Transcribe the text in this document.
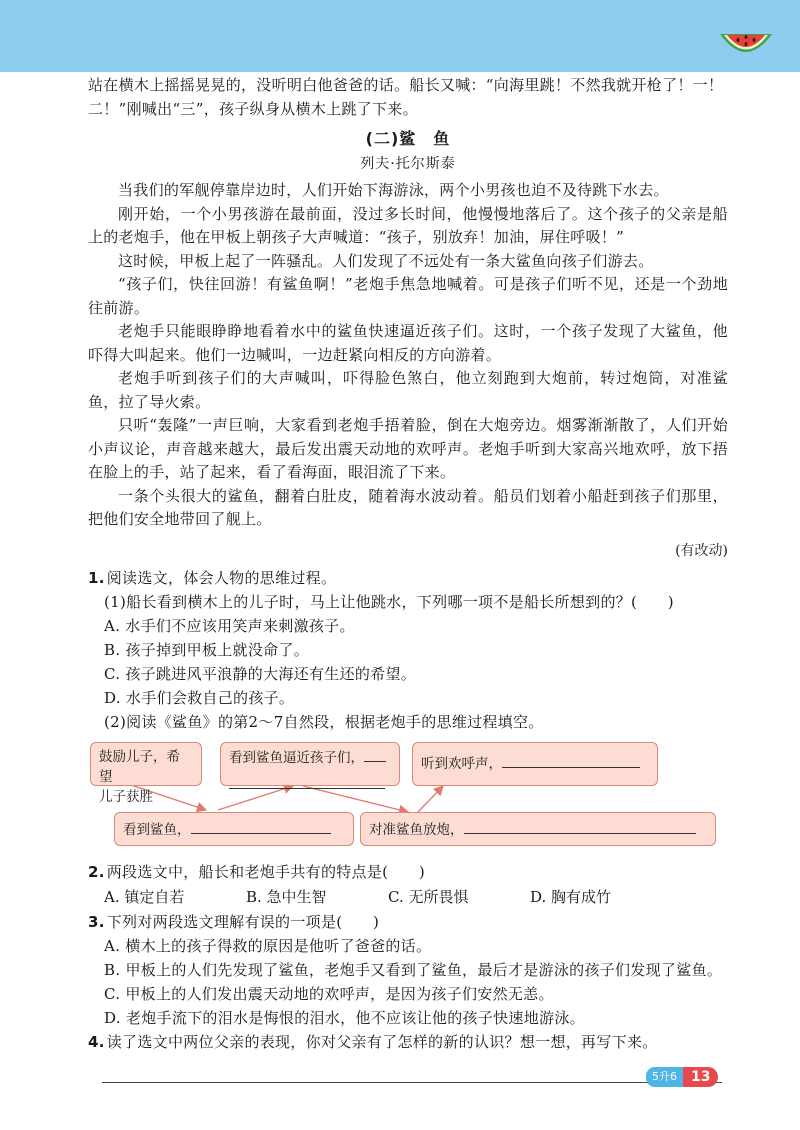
站在横木上摇摇晃晃的，没听明白他爸爸的话。船长又喊：“向海里跳！不然我就开枪了！一！

二！”刚喊出“三”，孩子纵身从横木上跳了下来。

(二)鲨　鱼

列夫·托尔斯泰

当我们的军舰停靠岸边时，人们开始下海游泳，两个小男孩也迫不及待跳下水去。

刚开始，一个小男孩游在最前面，没过多长时间，他慢慢地落后了。这个孩子的父亲是船上的老炮手，他在甲板上朝孩子大声喊道：“孩子，别放弃！加油，屏住呼吸！”

这时候，甲板上起了一阵骚乱。人们发现了不远处有一条大鲨鱼向孩子们游去。

“孩子们，快往回游！有鲨鱼啊！”老炮手焦急地喊着。可是孩子们听不见，还是一个劲地往前游。

老炮手只能眼睁睁地看着水中的鲨鱼快速逼近孩子们。这时，一个孩子发现了大鲨鱼，他吓得大叫起来。他们一边喊叫，一边赶紧向相反的方向游着。

老炮手听到孩子们的大声喊叫，吓得脸色煞白，他立刻跑到大炮前，转过炮筒，对准鲨鱼，拉了导火索。

只听“轰隆”一声巨响，大家看到老炮手捂着脸，倒在大炮旁边。烟雾渐渐散了，人们开始小声议论，声音越来越大，最后发出震天动地的欢呼声。老炮手听到大家高兴地欢呼，放下捂在脸上的手，站了起来，看了看海面，眼泪流了下来。

一条个头很大的鲨鱼，翻着白肚皮，随着海水波动着。船员们划着小船赶到孩子们那里，把他们安全地带回了舰上。

(有改动)

1. 阅读选文，体会人物的思维过程。

(1)船长看到横木上的儿子时，马上让他跳水，下列哪一项不是船长所想到的？(　　)

A. 水手们不应该用笑声来刺激孩子。

B. 孩子掉到甲板上就没命了。

C. 孩子跳进风平浪静的大海还有生还的希望。

D. 水手们会救自己的孩子。

(2)阅读《鲨鱼》的第2～7自然段，根据老炮手的思维过程填空。

鼓励儿子，希望
儿子获胜
看到鲨鱼逼近孩子们，	听到欢呼声，
看到鲨鱼，	对准鲨鱼放炮，

2. 两段选文中，船长和老炮手共有的特点是(　　)

A. 镇定自若	B. 急中生智	C. 无所畏惧	D. 胸有成竹

3. 下列对两段选文理解有误的一项是(　　)

A. 横木上的孩子得救的原因是他听了爸爸的话。

B. 甲板上的人们先发现了鲨鱼，老炮手又看到了鲨鱼，最后才是游泳的孩子们发现了鲨鱼。

C. 甲板上的人们发出震天动地的欢呼声，是因为孩子们安然无恙。

D. 老炮手流下的泪水是悔恨的泪水，他不应该让他的孩子快速地游泳。

4. 读了选文中两位父亲的表现，你对父亲有了怎样的新的认识？想一想，再写下来。

5升6	13
